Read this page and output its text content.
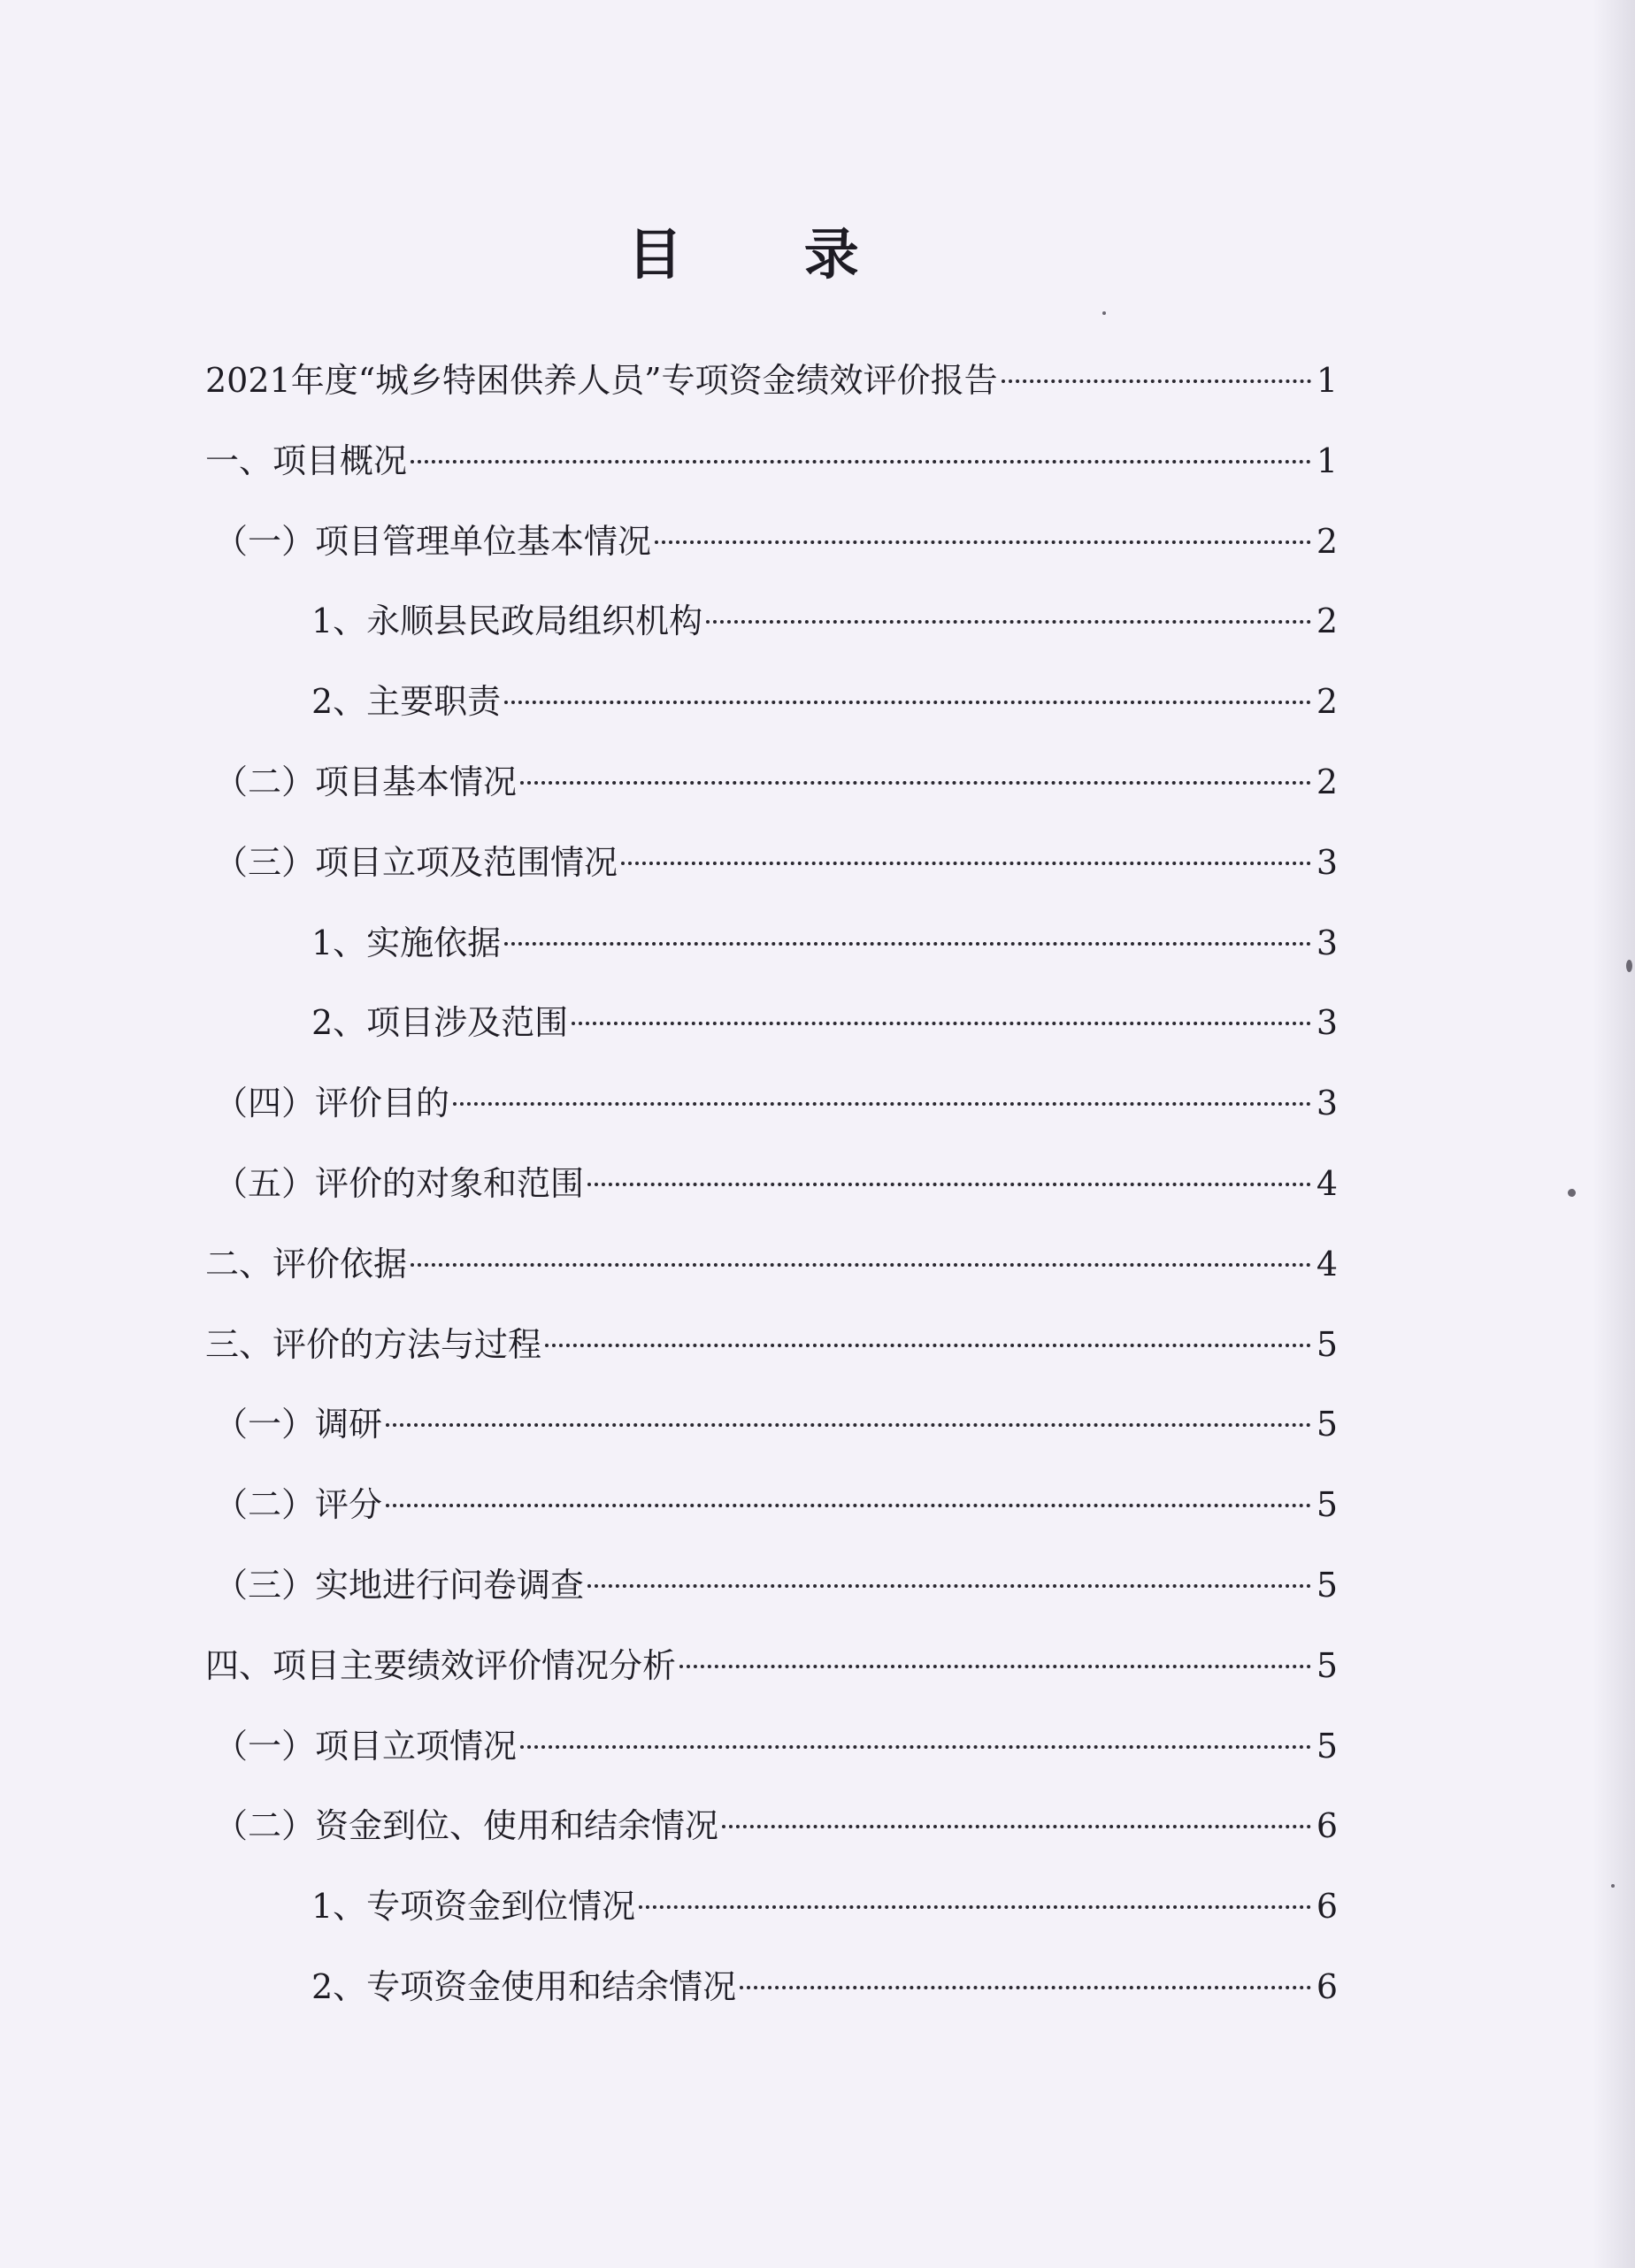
目 录
2021年度“城乡特困供养人员”专项资金绩效评价报告	1
一、项目概况	1
（一）项目管理单位基本情况	2
1、永顺县民政局组织机构	2
2、主要职责	2
（二）项目基本情况	2
（三）项目立项及范围情况	3
1、实施依据	3
2、项目涉及范围	3
（四）评价目的	3
（五）评价的对象和范围	4
二、评价依据	4
三、评价的方法与过程	5
（一）调研	5
（二）评分	5
（三）实地进行问卷调查	5
四、项目主要绩效评价情况分析	5
（一）项目立项情况	5
（二）资金到位、使用和结余情况	6
1、专项资金到位情况	6
2、专项资金使用和结余情况	6
